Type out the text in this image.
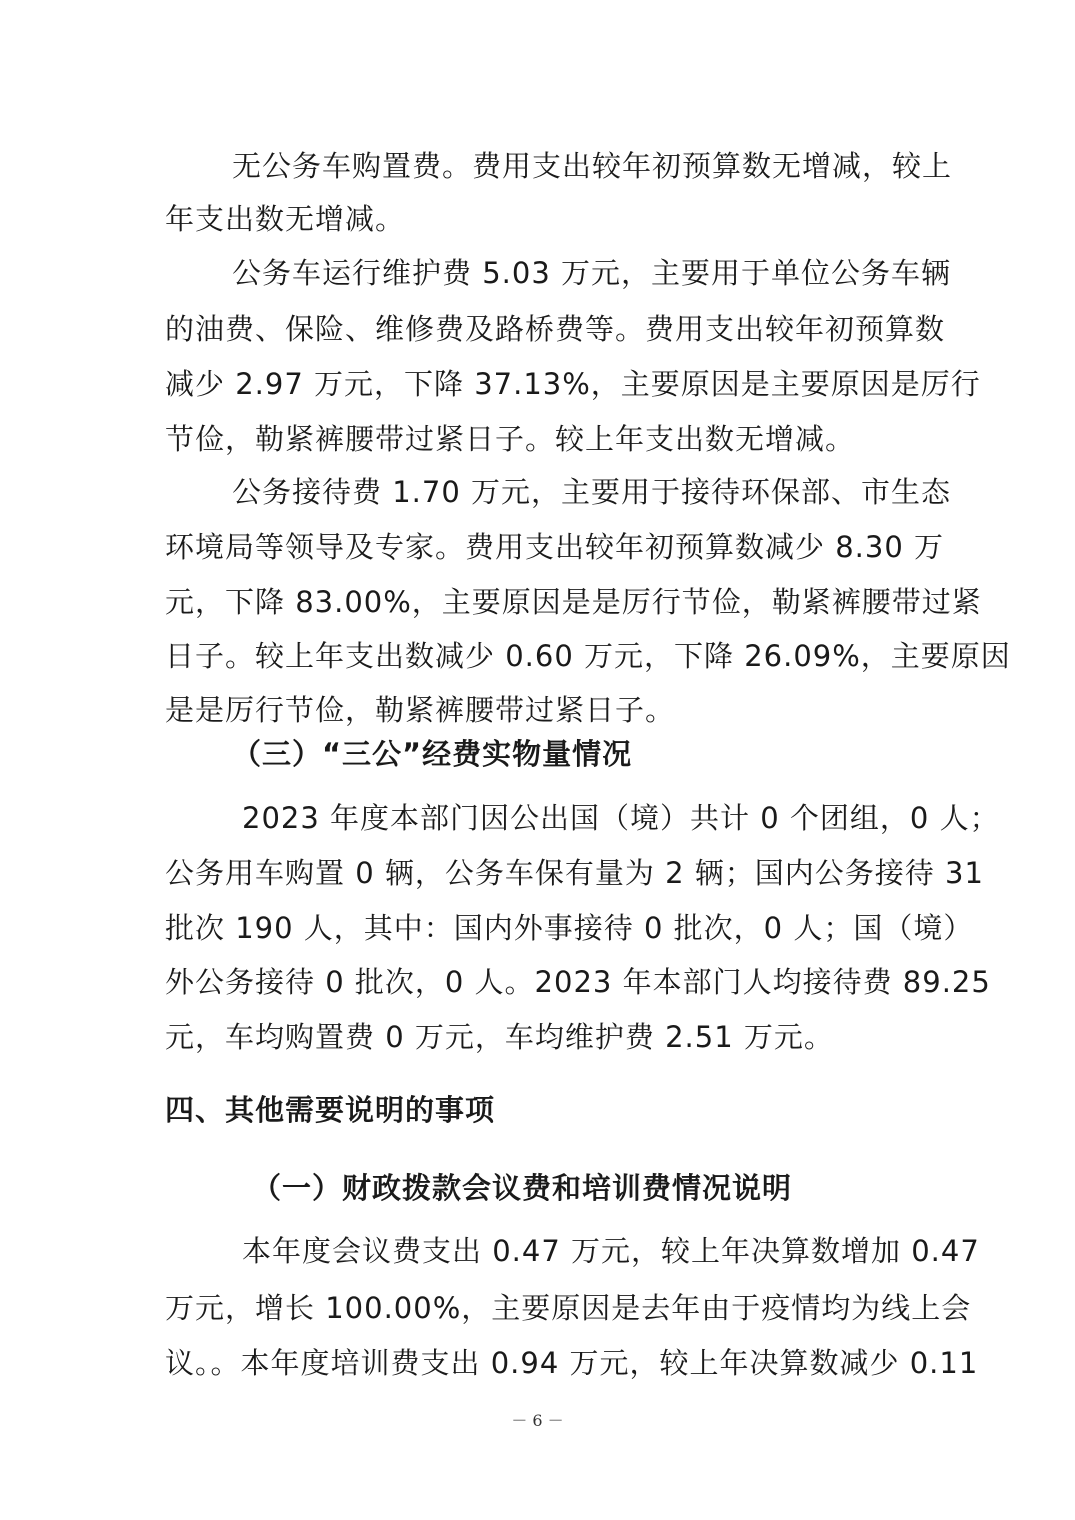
无公务车购置费。费用支出较年初预算数无增减，较上
年支出数无增减。
公务车运行维护费 5.03 万元，主要用于单位公务车辆
的油费、保险、维修费及路桥费等。费用支出较年初预算数
减少 2.97 万元，下降 37.13%，主要原因是主要原因是厉行
节俭，勒紧裤腰带过紧日子。较上年支出数无增减。
公务接待费 1.70 万元，主要用于接待环保部、市生态
环境局等领导及专家。费用支出较年初预算数减少 8.30 万
元，下降 83.00%，主要原因是是厉行节俭，勒紧裤腰带过紧
日子。较上年支出数减少 0.60 万元，下降 26.09%，主要原因
是是厉行节俭，勒紧裤腰带过紧日子。
（三）“三公”经费实物量情况
2023 年度本部门因公出国（境）共计 0 个团组，0 人；
公务用车购置 0 辆，公务车保有量为 2 辆；国内公务接待 31
批次 190 人，其中：国内外事接待 0 批次，0 人；国（境）
外公务接待 0 批次，0 人。2023 年本部门人均接待费 89.25
元，车均购置费 0 万元，车均维护费 2.51 万元。
四、其他需要说明的事项
（一）财政拨款会议费和培训费情况说明
本年度会议费支出 0.47 万元，较上年决算数增加 0.47
万元，增长 100.00%，主要原因是去年由于疫情均为线上会
议。。本年度培训费支出 0.94 万元，较上年决算数减少 0.11
－ 6 －
